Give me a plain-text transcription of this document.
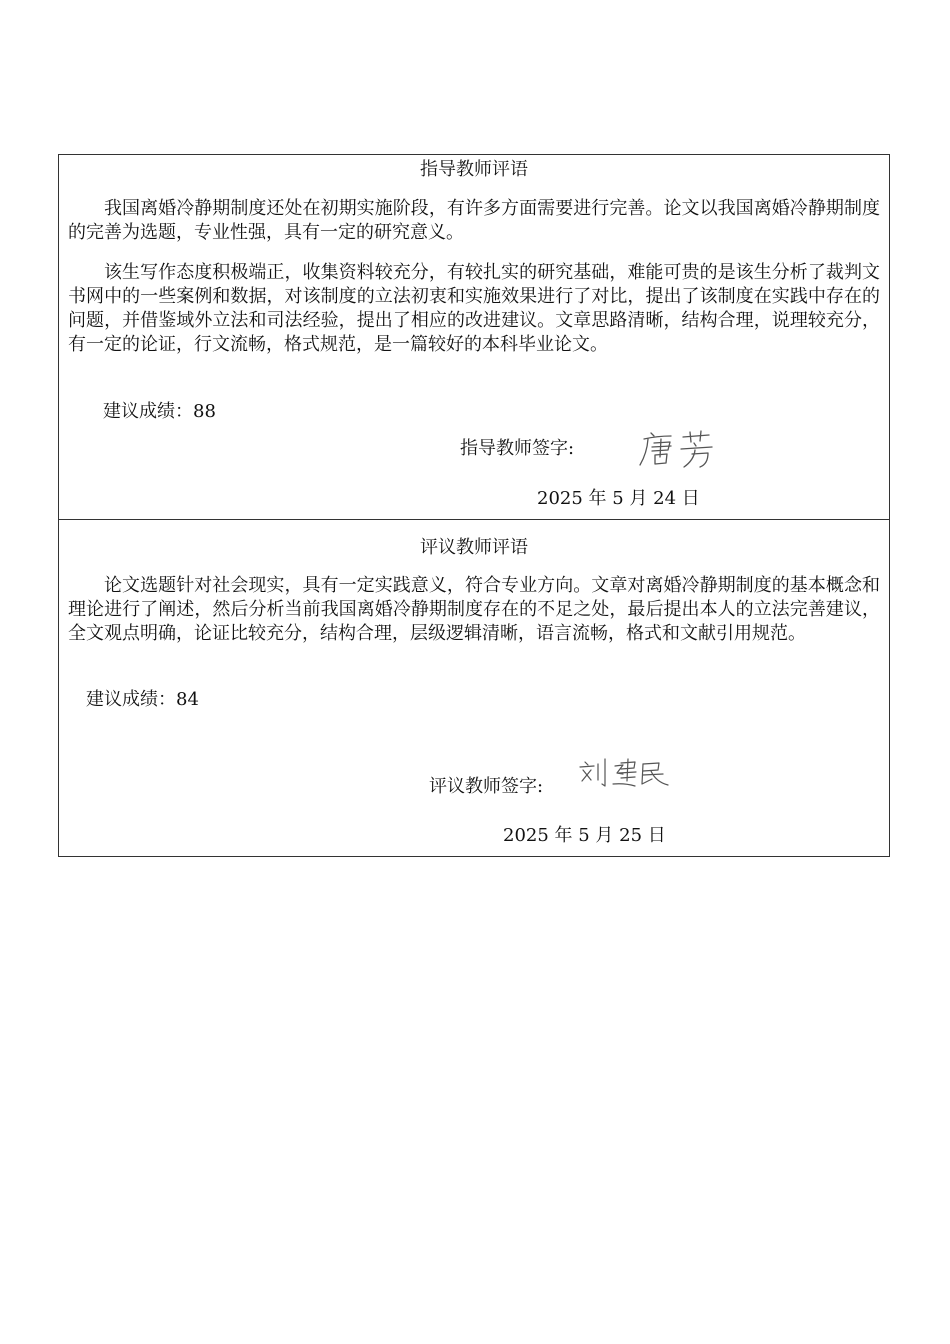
指导教师评语

我国离婚冷静期制度还处在初期实施阶段，有许多方面需要进行完善。论文以我国离婚冷静期制度的完善为选题，专业性强，具有一定的研究意义。

该生写作态度积极端正，收集资料较充分，有较扎实的研究基础，难能可贵的是该生分析了裁判文书网中的一些案例和数据，对该制度的立法初衷和实施效果进行了对比，提出了该制度在实践中存在的问题，并借鉴域外立法和司法经验，提出了相应的改进建议。文章思路清晰，结构合理，说理较充分，有一定的论证，行文流畅，格式规范，是一篇较好的本科毕业论文。

建议成绩：88
指导教师签字:
2025 年 5 月 24 日
评议教师评语

论文选题针对社会现实，具有一定实践意义，符合专业方向。文章对离婚冷静期制度的基本概念和理论进行了阐述，然后分析当前我国离婚冷静期制度存在的不足之处，最后提出本人的立法完善建议，全文观点明确，论证比较充分，结构合理，层级逻辑清晰，语言流畅，格式和文献引用规范。

建议成绩：84
评议教师签字:
2025 年 5 月 25 日
